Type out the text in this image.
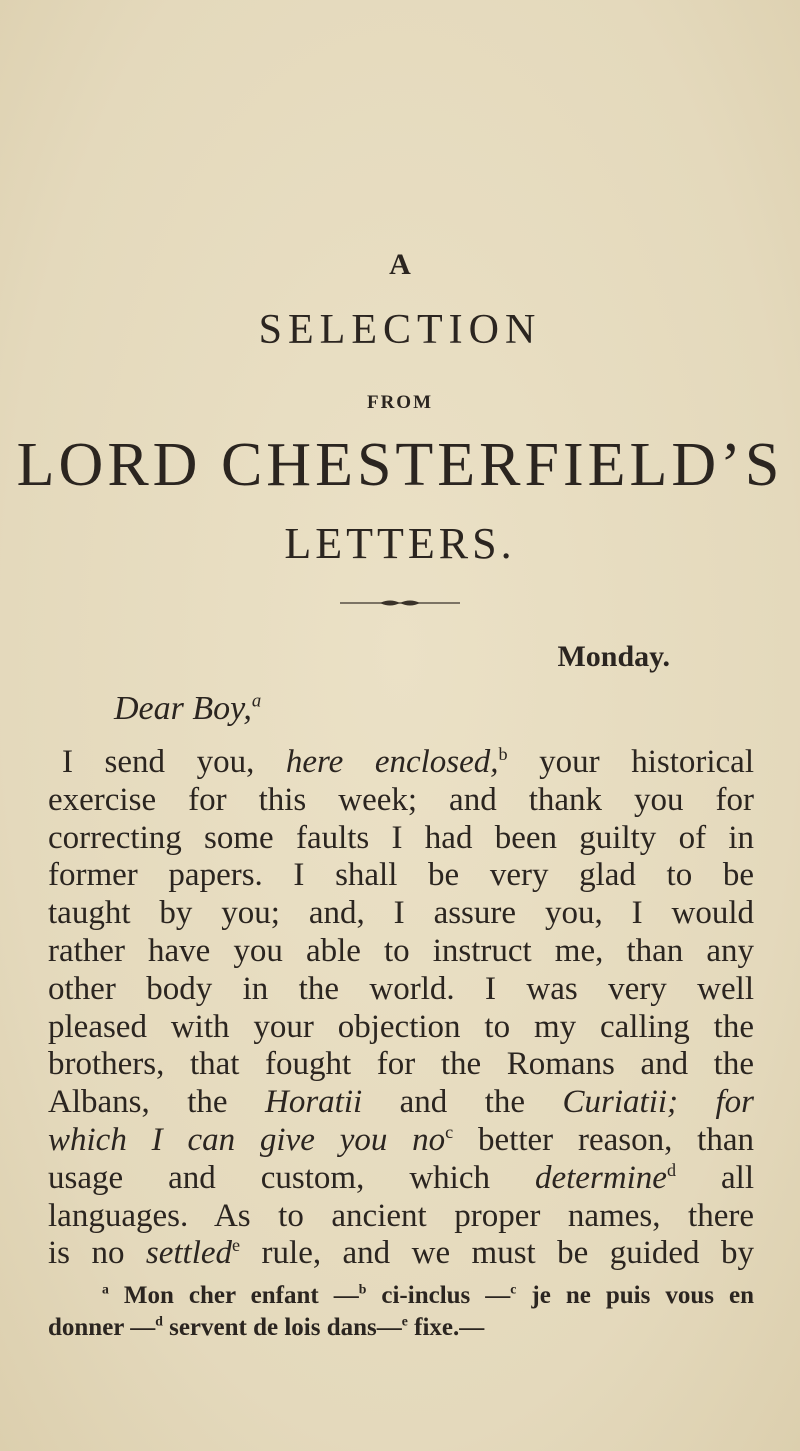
A
SELECTION
FROM
LORD CHESTERFIELD’S
LETTERS.
Monday.
Dear Boy,$^a$
I send you, here enclosed,$^b$ your historical
exercise for this week; and thank you for
correcting some faults I had been guilty of in
former papers. I shall be very glad to be
taught by you; and, I assure you, I would
rather have you able to instruct me, than any
other body in the world. I was very well
pleased with your objection to my calling the
brothers, that fought for the Romans and the
Albans, the Horatii and the Curiatii; for
which I can give you $no^c$ better reason, than
usage and custom, which determine$^d$ all
languages. As to ancient proper names, there
is no settled$^e$ rule, and we must be guided by
$^a$ Mon cher enfant —$^b$ ci-inclus —$^c$ je ne puis vous en
donner —$^d$ servent de lois dans—$^e$ fixe.—
